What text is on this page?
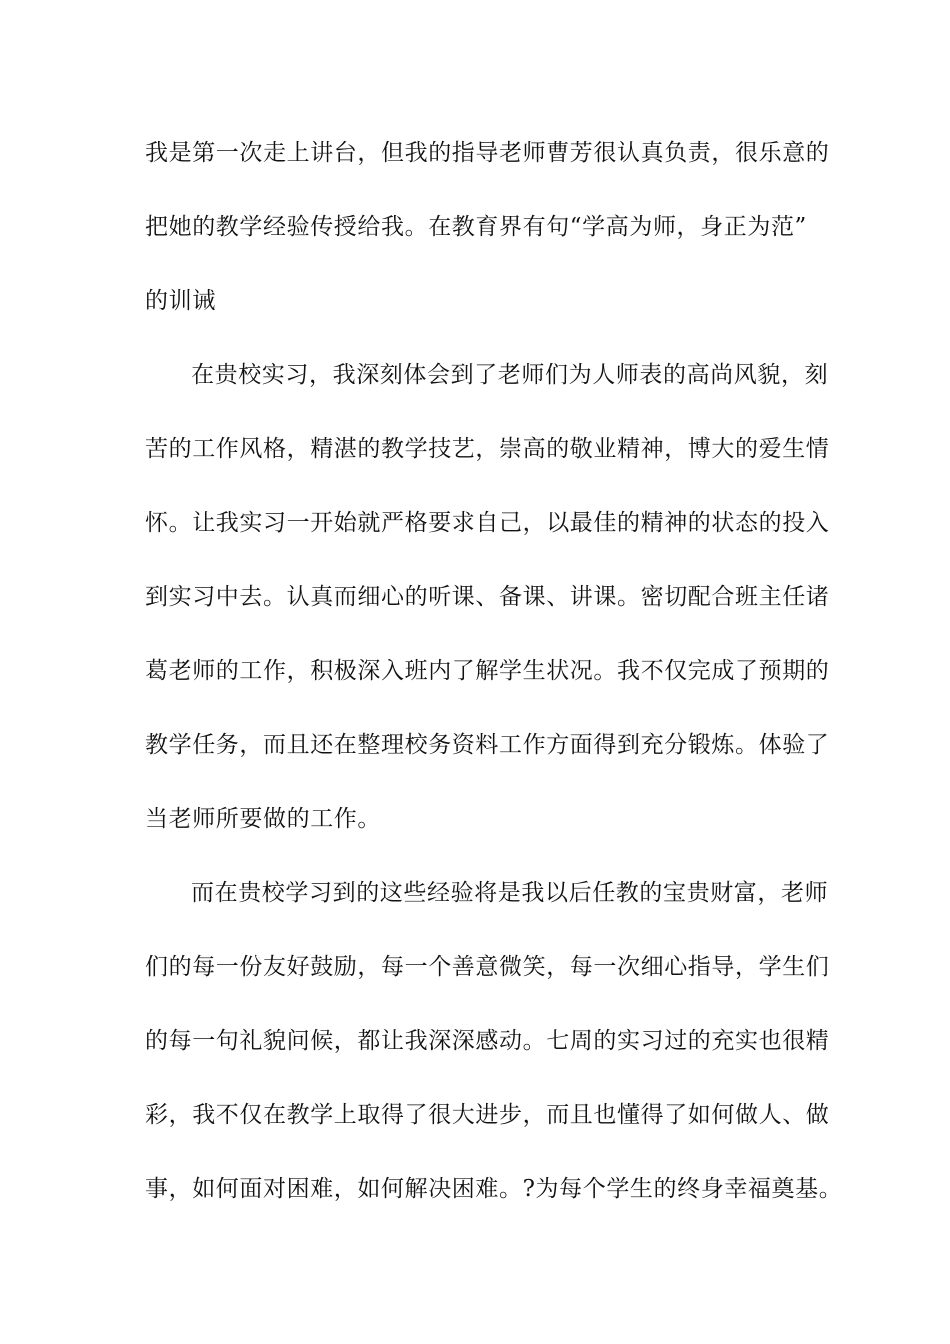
我是第一次走上讲台，但我的指导老师曹芳很认真负责，很乐意的
把她的教学经验传授给我。在教育界有句“学高为师，身正为范”
的训诫
在贵校实习，我深刻体会到了老师们为人师表的高尚风貌，刻
苦的工作风格，精湛的教学技艺，崇高的敬业精神，博大的爱生情
怀。让我实习一开始就严格要求自己，以最佳的精神的状态的投入
到实习中去。认真而细心的听课、备课、讲课。密切配合班主任诸
葛老师的工作，积极深入班内了解学生状况。我不仅完成了预期的
教学任务，而且还在整理校务资料工作方面得到充分锻炼。体验了
当老师所要做的工作。
而在贵校学习到的这些经验将是我以后任教的宝贵财富，老师
们的每一份友好鼓励，每一个善意微笑，每一次细心指导，学生们
的每一句礼貌问候，都让我深深感动。七周的实习过的充实也很精
彩，我不仅在教学上取得了很大进步，而且也懂得了如何做人、做
事，如何面对困难，如何解决困难。?为每个学生的终身幸福奠基。
